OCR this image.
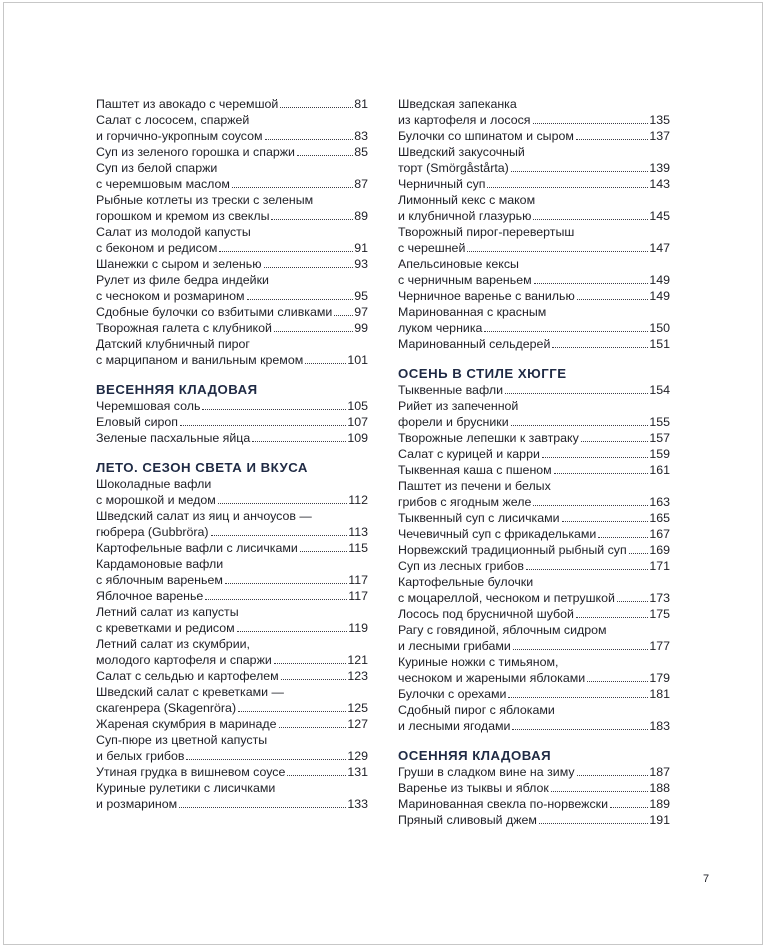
Паштет из авокадо с черемшой	81
Салат с лососем, спаржей
и горчично-укропным соусом	83
Суп из зеленого горошка и спаржи	85
Суп из белой спаржи
с черемшовым маслом	87
Рыбные котлеты из трески с зеленым
горошком и кремом из свеклы	89
Салат из молодой капусты
с беконом и редисом	91
Шанежки с сыром и зеленью	93
Рулет из филе бедра индейки
с чесноком и розмарином	95
Сдобные булочки со взбитыми сливками 97
Творожная галета с клубникой	99
Датский клубничный пирог
с марципаном и ванильным кремом	101
ВЕСЕННЯЯ КЛАДОВАЯ
Черемшовая соль	105
Еловый сироп	107
Зеленые пасхальные яйца	109
ЛЕТО. СЕЗОН СВЕТА И ВКУСА
Шоколадные вафли
с морошкой и медом	112
Шведский салат из яиц и анчоусов —
гюбрера (Gubbröra)	113
Картофельные вафли с лисичками	115
Кардамоновые вафли
с яблочным вареньем	117
Яблочное варенье	117
Летний салат из капусты
с креветками и редисом	119
Летний салат из скумбрии,
молодого картофеля и спаржи	121
Салат с сельдью и картофелем	123
Шведский салат с креветками —
скагенрера (Skagenröra)	125
Жареная скумбрия в маринаде	127
Суп-пюре из цветной капусты
и белых грибов	129
Утиная грудка в вишневом соусе	131
Куриные рулетики с лисичками
и розмарином	133
Шведская запеканка
из картофеля и лосося	135
Булочки со шпинатом и сыром	137
Шведский закусочный
торт (Smörgåstårta)	139
Черничный суп	143
Лимонный кекс с маком
и клубничной глазурью	145
Творожный пирог-перевертыш
с черешней	147
Апельсиновые кексы
с черничным вареньем	149
Черничное варенье с ванилью	149
Маринованная с красным
луком черника	150
Маринованный сельдерей	151
ОСЕНЬ В СТИЛЕ ХЮГГЕ
Тыквенные вафли	154
Рийет из запеченной
форели и брусники	155
Творожные лепешки к завтраку	157
Салат с курицей и карри	159
Тыквенная каша с пшеном	161
Паштет из печени и белых
грибов с ягодным желе	163
Тыквенный суп с лисичками	165
Чечевичный суп с фрикадельками	167
Норвежский традиционный рыбный суп 169
Суп из лесных грибов	171
Картофельные булочки
с моцареллой, чесноком и петрушкой	173
Лосось под брусничной шубой	175
Рагу с говядиной, яблочным сидром
и лесными грибами	177
Куриные ножки с тимьяном,
чесноком и жареными яблоками	179
Булочки с орехами	181
Сдобный пирог с яблоками
и лесными ягодами	183
ОСЕННЯЯ КЛАДОВАЯ
Груши в сладком вине на зиму	187
Варенье из тыквы и яблок	188
Маринованная свекла по-норвежски	189
Пряный сливовый джем	191
7
